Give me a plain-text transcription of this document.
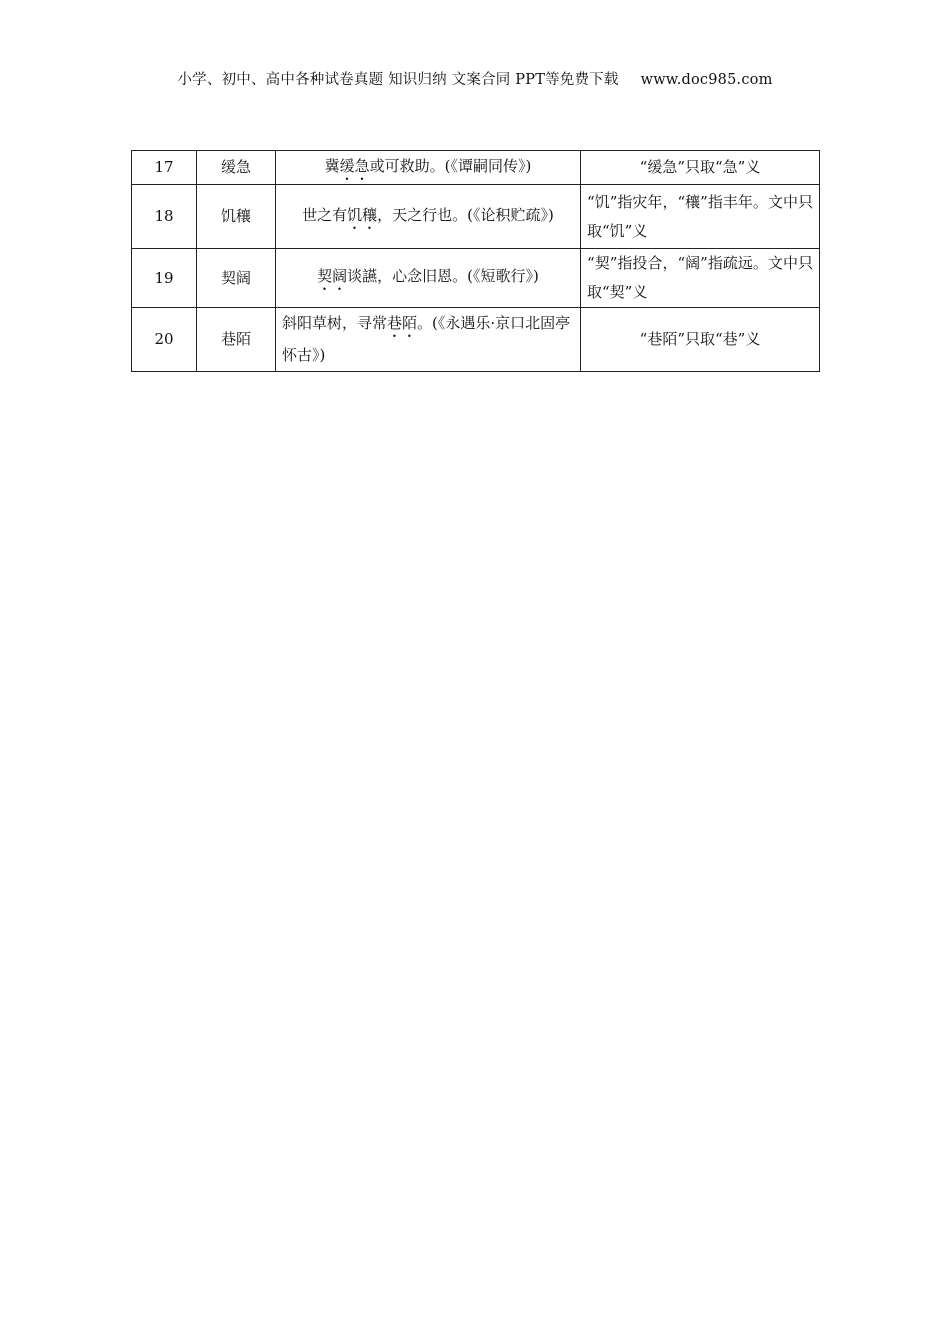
小学、初中、高中各种试卷真题 知识归纳 文案合同 PPT等免费下载 www.doc985.com
17	缓急	冀缓急或可救助。(《谭嗣同传》)	“缓急”只取“急”义
18	饥穰	世之有饥穰，天之行也。(《论积贮疏》)	“饥”指灾年，“穰”指丰年。文中只取“饥”义
19	契阔	契阔谈讌，心念旧恩。(《短歌行》)	“契”指投合，“阔”指疏远。文中只取“契”义
20	巷陌	斜阳草树，寻常巷陌。(《永遇乐·京口北固亭怀古》)	“巷陌”只取“巷”义
